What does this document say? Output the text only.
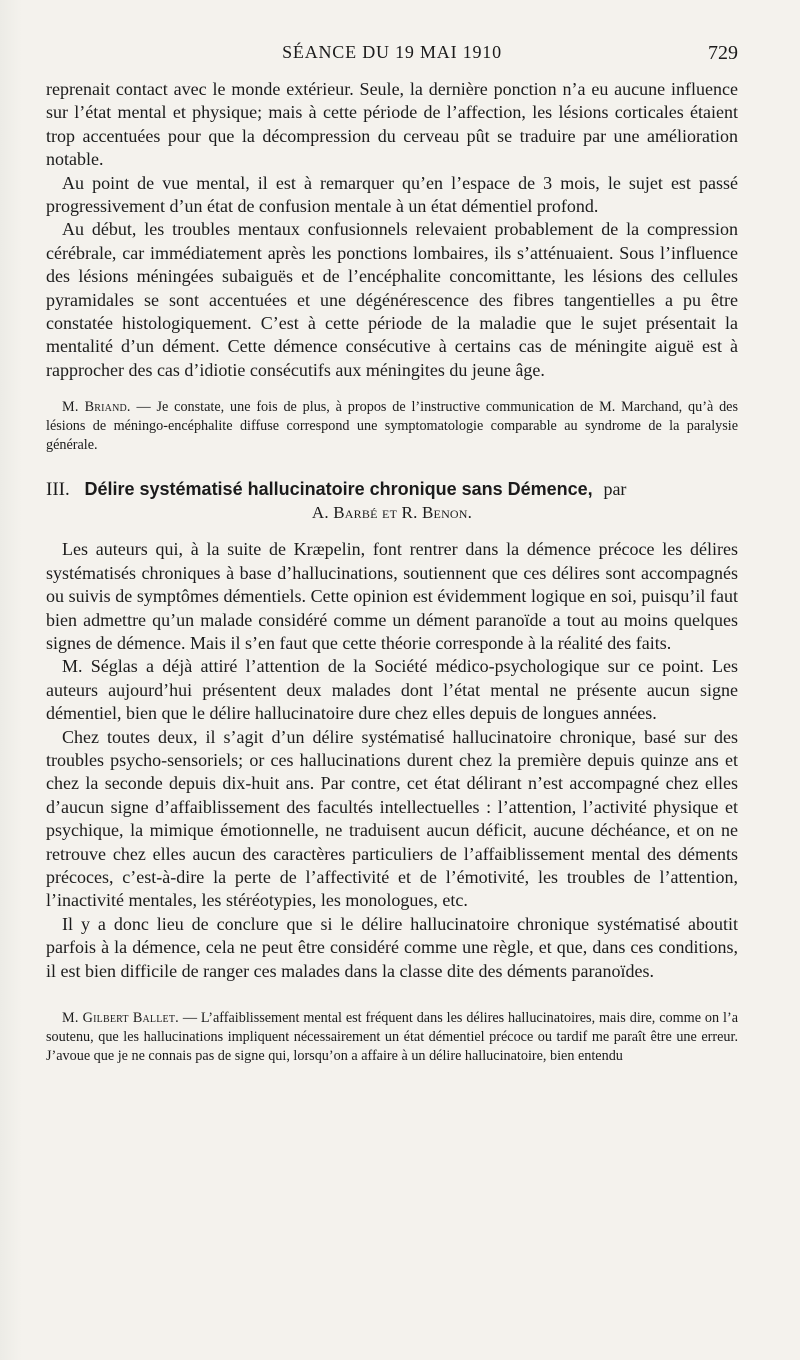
SÉANCE DU 19 MAI 1910	729

reprenait contact avec le monde extérieur. Seule, la dernière ponction n’a eu aucune influence sur l’état mental et physique; mais à cette période de l’affection, les lésions corticales étaient trop accentuées pour que la décompression du cerveau pût se traduire par une amélioration notable.

Au point de vue mental, il est à remarquer qu’en l’espace de 3 mois, le sujet est passé progressivement d’un état de confusion mentale à un état démentiel profond.

Au début, les troubles mentaux confusionnels relevaient probablement de la compression cérébrale, car immédiatement après les ponctions lombaires, ils s’atténuaient. Sous l’influence des lésions méningées subaiguës et de l’encéphalite concomittante, les lésions des cellules pyramidales se sont accentuées et une dégénérescence des fibres tangentielles a pu être constatée histologiquement. C’est à cette période de la maladie que le sujet présentait la mentalité d’un dément. Cette démence consécutive à certains cas de méningite aiguë est à rapprocher des cas d’idiotie consécutifs aux méningites du jeune âge.

M. Briand. — Je constate, une fois de plus, à propos de l’instructive communication de M. Marchand, qu’à des lésions de méningo-encéphalite diffuse correspond une symptomatologie comparable au syndrome de la paralysie générale.

III. Délire systématisé hallucinatoire chronique sans Démence, par
A. Barbé et R. Benon.

Les auteurs qui, à la suite de Kræpelin, font rentrer dans la démence précoce les délires systématisés chroniques à base d’hallucinations, soutiennent que ces délires sont accompagnés ou suivis de symptômes démentiels. Cette opinion est évidemment logique en soi, puisqu’il faut bien admettre qu’un malade considéré comme un dément paranoïde a tout au moins quelques signes de démence. Mais il s’en faut que cette théorie corresponde à la réalité des faits.

M. Séglas a déjà attiré l’attention de la Société médico-psychologique sur ce point. Les auteurs aujourd’hui présentent deux malades dont l’état mental ne présente aucun signe démentiel, bien que le délire hallucinatoire dure chez elles depuis de longues années.

Chez toutes deux, il s’agit d’un délire systématisé hallucinatoire chronique, basé sur des troubles psycho-sensoriels; or ces hallucinations durent chez la première depuis quinze ans et chez la seconde depuis dix-huit ans. Par contre, cet état délirant n’est accompagné chez elles d’aucun signe d’affaiblissement des facultés intellectuelles : l’attention, l’activité physique et psychique, la mimique émotionnelle, ne traduisent aucun déficit, aucune déchéance, et on ne retrouve chez elles aucun des caractères particuliers de l’affaiblissement mental des déments précoces, c’est-à-dire la perte de l’affectivité et de l’émotivité, les troubles de l’attention, l’inactivité mentales, les stéréotypies, les monologues, etc.

Il y a donc lieu de conclure que si le délire hallucinatoire chronique systématisé aboutit parfois à la démence, cela ne peut être considéré comme une règle, et que, dans ces conditions, il est bien difficile de ranger ces malades dans la classe dite des déments paranoïdes.

M. Gilbert Ballet. — L’affaiblissement mental est fréquent dans les délires hallucinatoires, mais dire, comme on l’a soutenu, que les hallucinations impliquent nécessairement un état démentiel précoce ou tardif me paraît être une erreur. J’avoue que je ne connais pas de signe qui, lorsqu’on a affaire à un délire hallucinatoire, bien entendu
